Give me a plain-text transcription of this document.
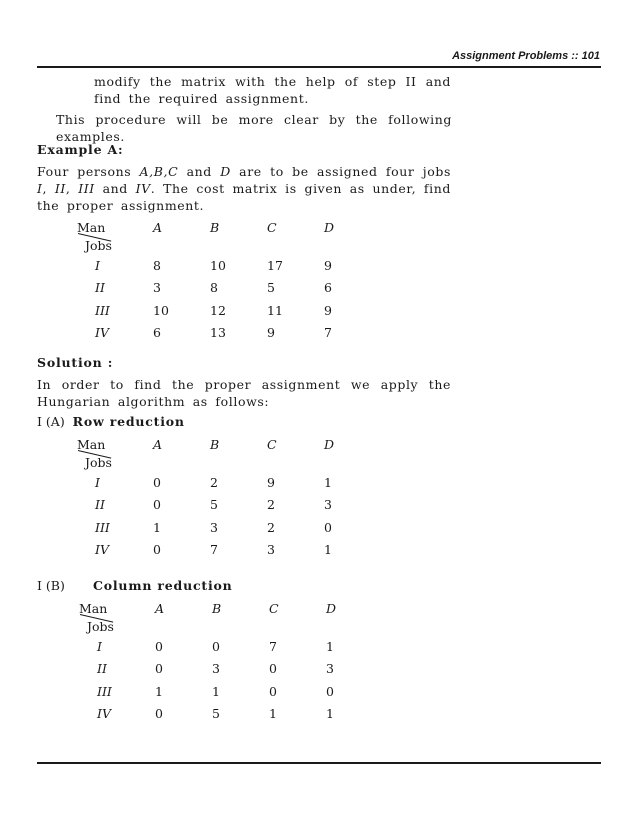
Assignment Problems :: 101
modify the matrix with the help of step II and find the required assignment.
This procedure will be more clear by the following examples.
Example A:
Four persons A,B,C and D are to be assigned four jobs I, II, III and IV. The cost matrix is given as under, find the proper assignment.
Man
Jobs	A	B	C	D
I	8	10	17	9
II	3	8	5	6
III	10	12	11	9
IV	6	13	9	7
Solution :
In order to find the proper assignment we apply the Hungarian algorithm as follows:
I (A) Row reduction
Man
Jobs	A	B	C	D
I	0	2	9	1
II	0	5	2	3
III	1	3	2	0
IV	0	7	3	1
I (B) Column reduction
Man
Jobs	A	B	C	D
I	0	0	7	1
II	0	3	0	3
III	1	1	0	0
IV	0	5	1	1
